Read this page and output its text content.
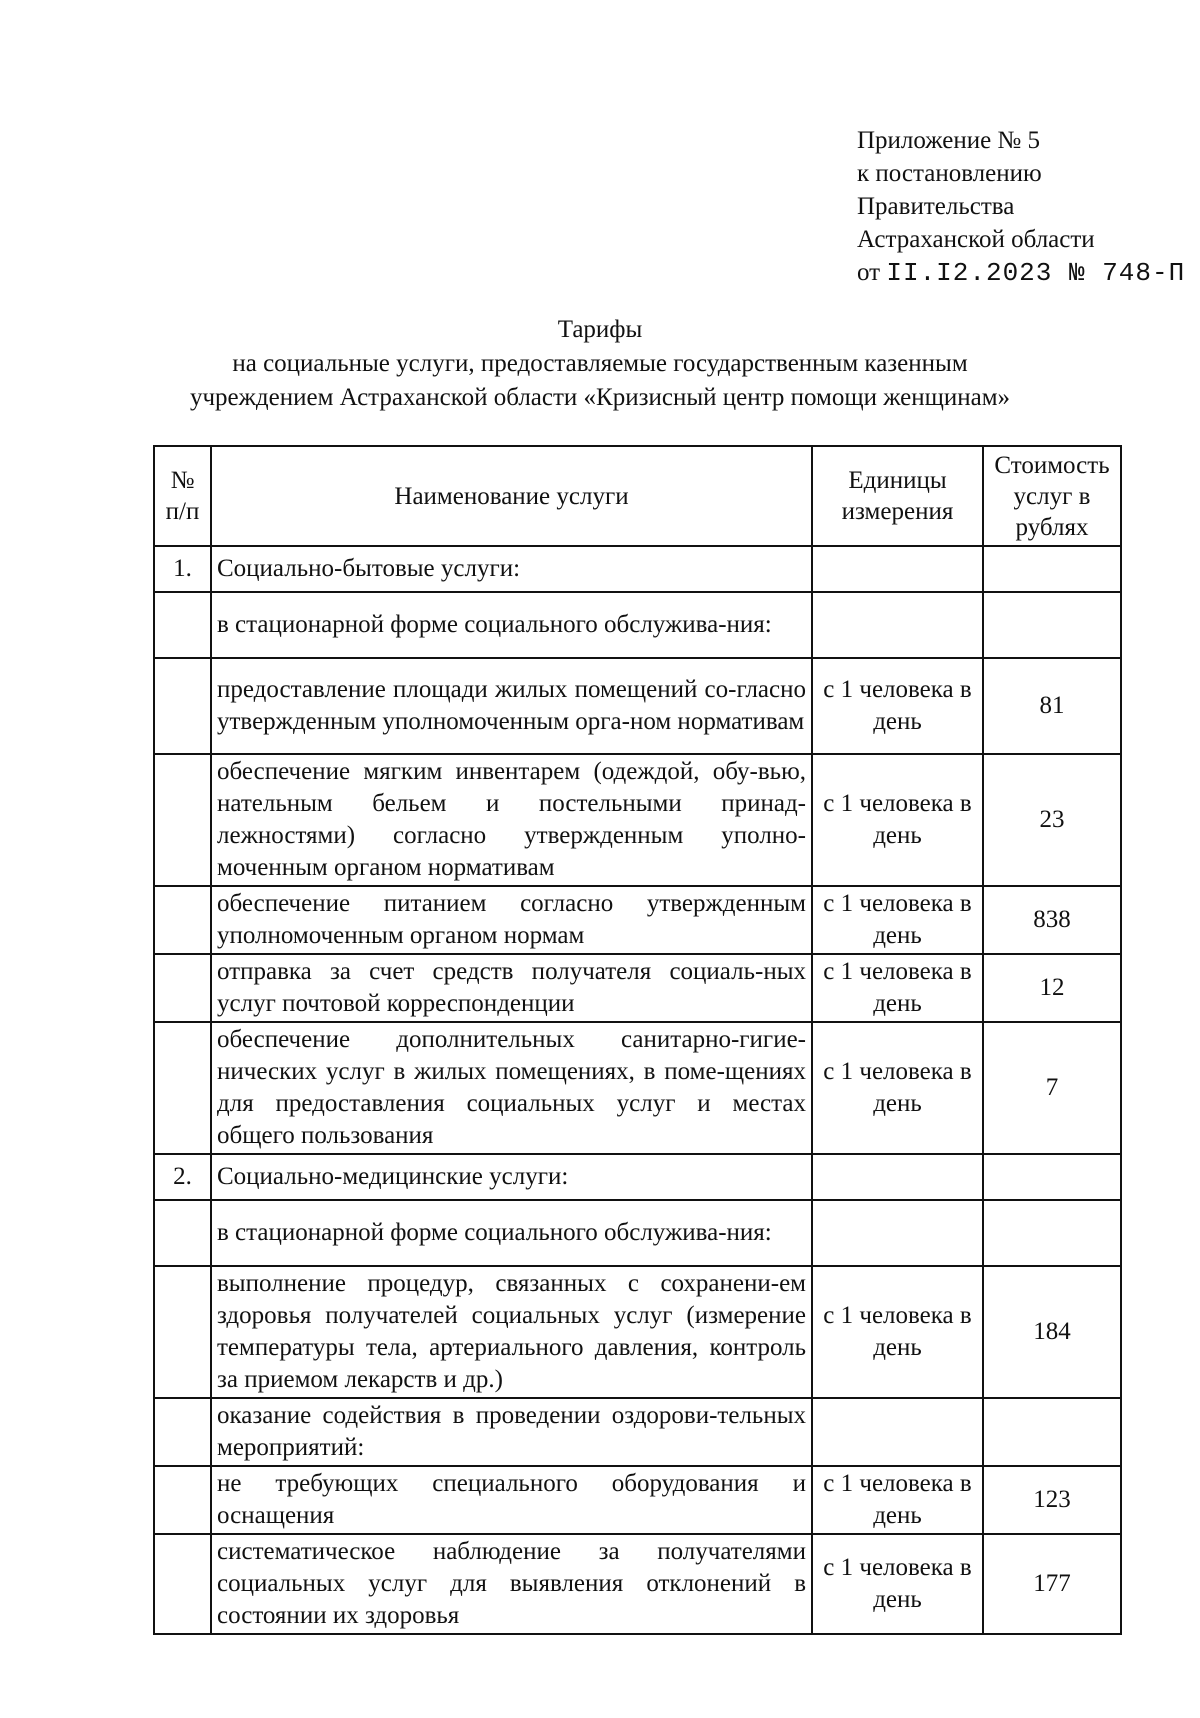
Приложение № 5
к постановлению
Правительства
Астраханской области
от II.I2.2023 № 748-П
Тарифы
на социальные услуги, предоставляемые государственным казенным
учреждением Астраханской области «Кризисный центр помощи женщинам»
№ п/п	Наименование услуги	Единицы измерения	Стоимость услуг в рублях
1.	Социально-бытовые услуги:		
	в стационарной форме социального обслужива-ния:		
	предоставление площади жилых помещений со-гласно утвержденным уполномоченным орга-ном нормативам	с 1 человека в день	81
	обеспечение мягким инвентарем (одеждой, обу-вью, нательным бельем и постельными принад-лежностями) согласно утвержденным уполно-моченным органом нормативам	с 1 человека в день	23
	обеспечение питанием согласно утвержденным уполномоченным органом нормам	с 1 человека в день	838
	отправка за счет средств получателя социаль-ных услуг почтовой корреспонденции	с 1 человека в день	12
	обеспечение дополнительных санитарно-гигие-нических услуг в жилых помещениях, в поме-щениях для предоставления социальных услуг и местах общего пользования	с 1 человека в день	7
2.	Социально-медицинские услуги:		
	в стационарной форме социального обслужива-ния:		
	выполнение процедур, связанных с сохранени-ем здоровья получателей социальных услуг (измерение температуры тела, артериального давления, контроль за приемом лекарств и др.)	с 1 человека в день	184
	оказание содействия в проведении оздорови-тельных мероприятий:		
	не требующих специального оборудования и оснащения	с 1 человека в день	123
	систематическое наблюдение за получателями социальных услуг для выявления отклонений в состоянии их здоровья	с 1 человека в день	177
